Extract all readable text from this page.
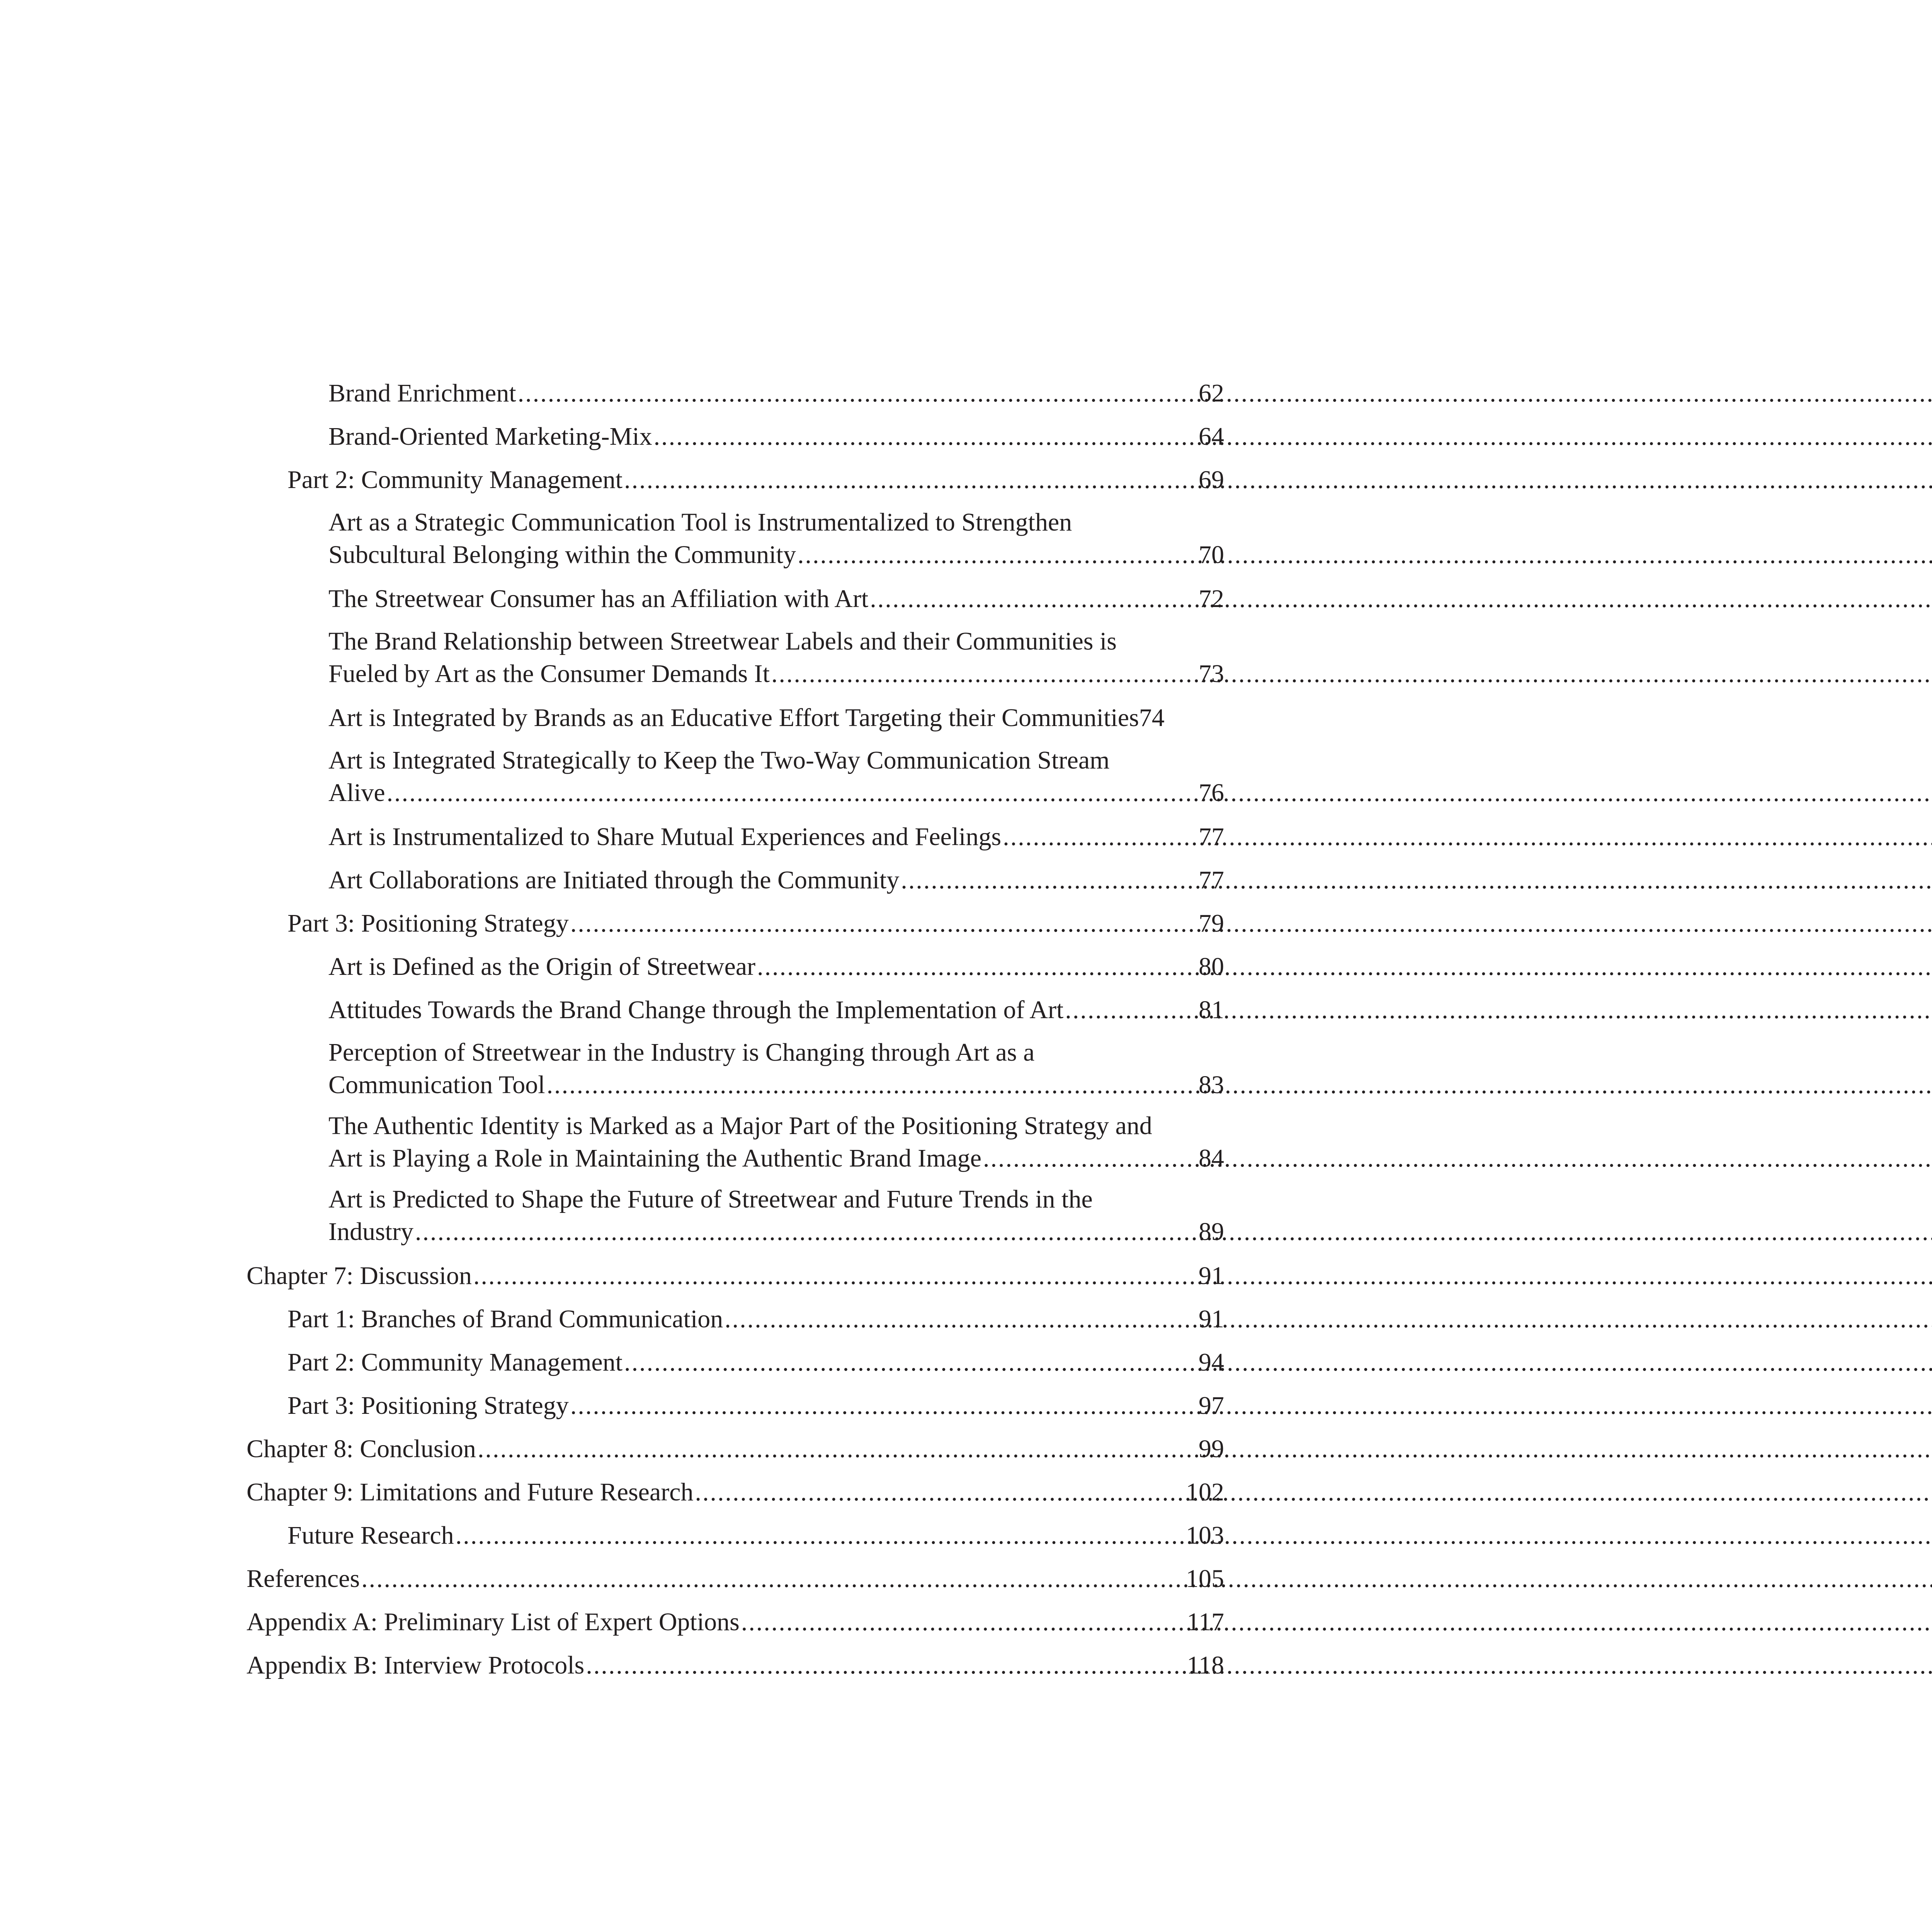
Brand Enrichment .....	62
Brand-Oriented Marketing-Mix .....	64
Part 2: Community Management .....	69
Art as a Strategic Communication Tool is Instrumentalized to Strengthen
Subcultural Belonging within the Community .....	70
The Streetwear Consumer has an Affiliation with Art .....	72
The Brand Relationship between Streetwear Labels and their Communities is
Fueled by Art as the Consumer Demands It .....	73
Art is Integrated by Brands as an Educative Effort Targeting their Communities 74
Art is Integrated Strategically to Keep the Two-Way Communication Stream
Alive .....	76
Art is Instrumentalized to Share Mutual Experiences and Feelings .....	77
Art Collaborations are Initiated through the Community .....	77
Part 3: Positioning Strategy .....	79
Art is Defined as the Origin of Streetwear .....	80
Attitudes Towards the Brand Change through the Implementation of Art .....	81
Perception of Streetwear in the Industry is Changing through Art as a
Communication Tool .....	83
The Authentic Identity is Marked as a Major Part of the Positioning Strategy and
Art is Playing a Role in Maintaining the Authentic Brand Image .....	84
Art is Predicted to Shape the Future of Streetwear and Future Trends in the
Industry .....	89
Chapter 7: Discussion .....	91
Part 1: Branches of Brand Communication .....	91
Part 2: Community Management .....	94
Part 3: Positioning Strategy .....	97
Chapter 8: Conclusion .....	99
Chapter 9: Limitations and Future Research .....	102
Future Research .....	103
References .....	105
Appendix A: Preliminary List of Expert Options .....	117
Appendix B: Interview Protocols .....	118
